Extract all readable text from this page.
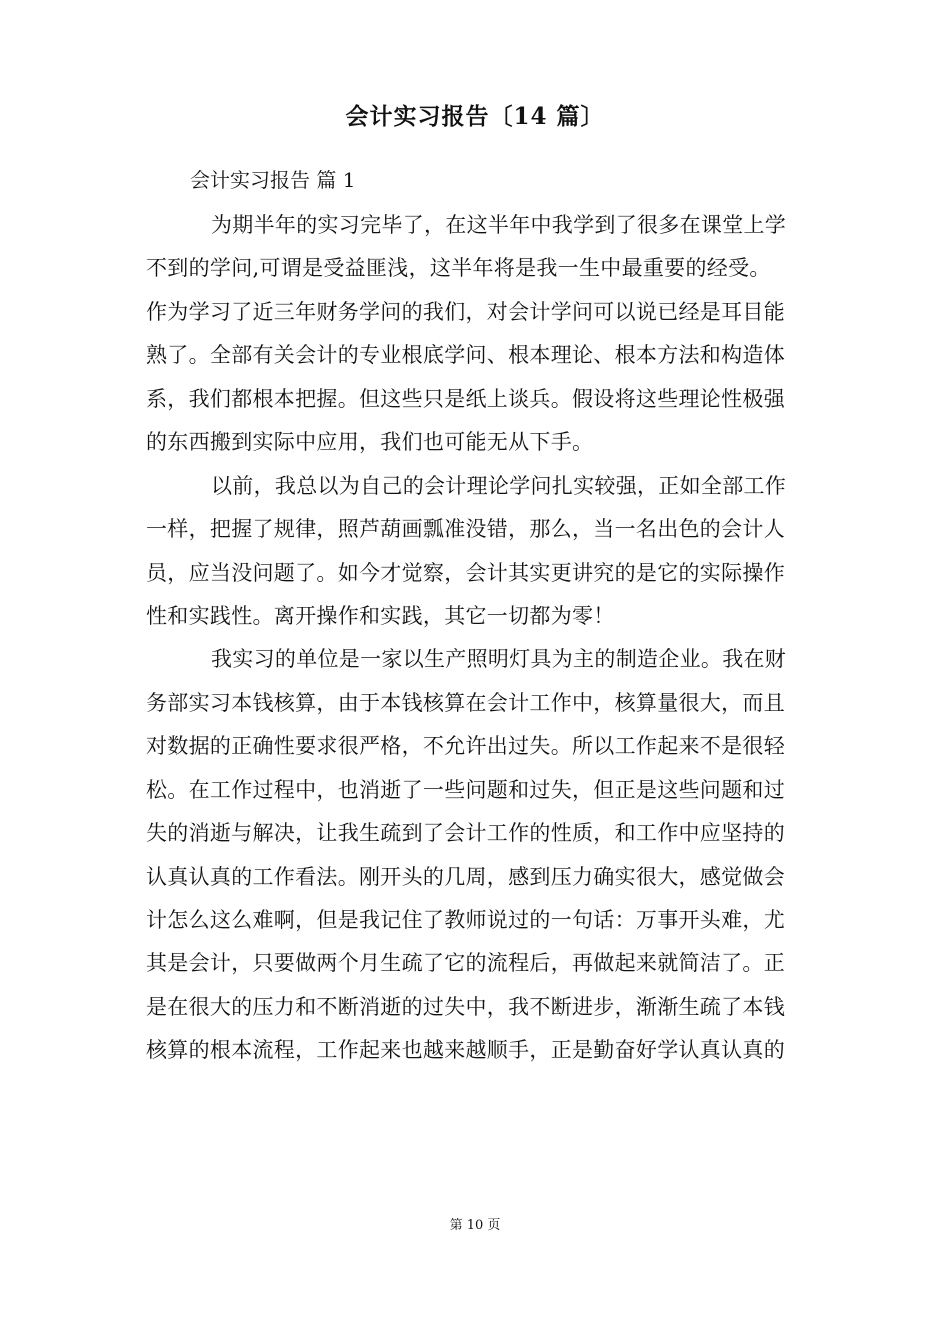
会计实习报告〔14 篇〕
会计实习报告 篇 1
为期半年的实习完毕了，在这半年中我学到了很多在课堂上学
不到的学问,可谓是受益匪浅，这半年将是我一生中最重要的经受。
作为学习了近三年财务学问的我们，对会计学问可以说已经是耳目能
熟了。全部有关会计的专业根底学问、根本理论、根本方法和构造体
系，我们都根本把握。但这些只是纸上谈兵。假设将这些理论性极强
的东西搬到实际中应用，我们也可能无从下手。
以前，我总以为自己的会计理论学问扎实较强，正如全部工作
一样，把握了规律，照芦葫画瓢准没错，那么，当一名出色的会计人
员，应当没问题了。如今才觉察，会计其实更讲究的是它的实际操作
性和实践性。离开操作和实践，其它一切都为零！
我实习的单位是一家以生产照明灯具为主的制造企业。我在财
务部实习本钱核算，由于本钱核算在会计工作中，核算量很大，而且
对数据的正确性要求很严格，不允许出过失。所以工作起来不是很轻
松。在工作过程中，也消逝了一些问题和过失，但正是这些问题和过
失的消逝与解决，让我生疏到了会计工作的性质，和工作中应坚持的
认真认真的工作看法。刚开头的几周，感到压力确实很大，感觉做会
计怎么这么难啊，但是我记住了教师说过的一句话：万事开头难，尤
其是会计，只要做两个月生疏了它的流程后，再做起来就简洁了。正
是在很大的压力和不断消逝的过失中，我不断进步，渐渐生疏了本钱
核算的根本流程，工作起来也越来越顺手，正是勤奋好学认真认真的
第 10 页
